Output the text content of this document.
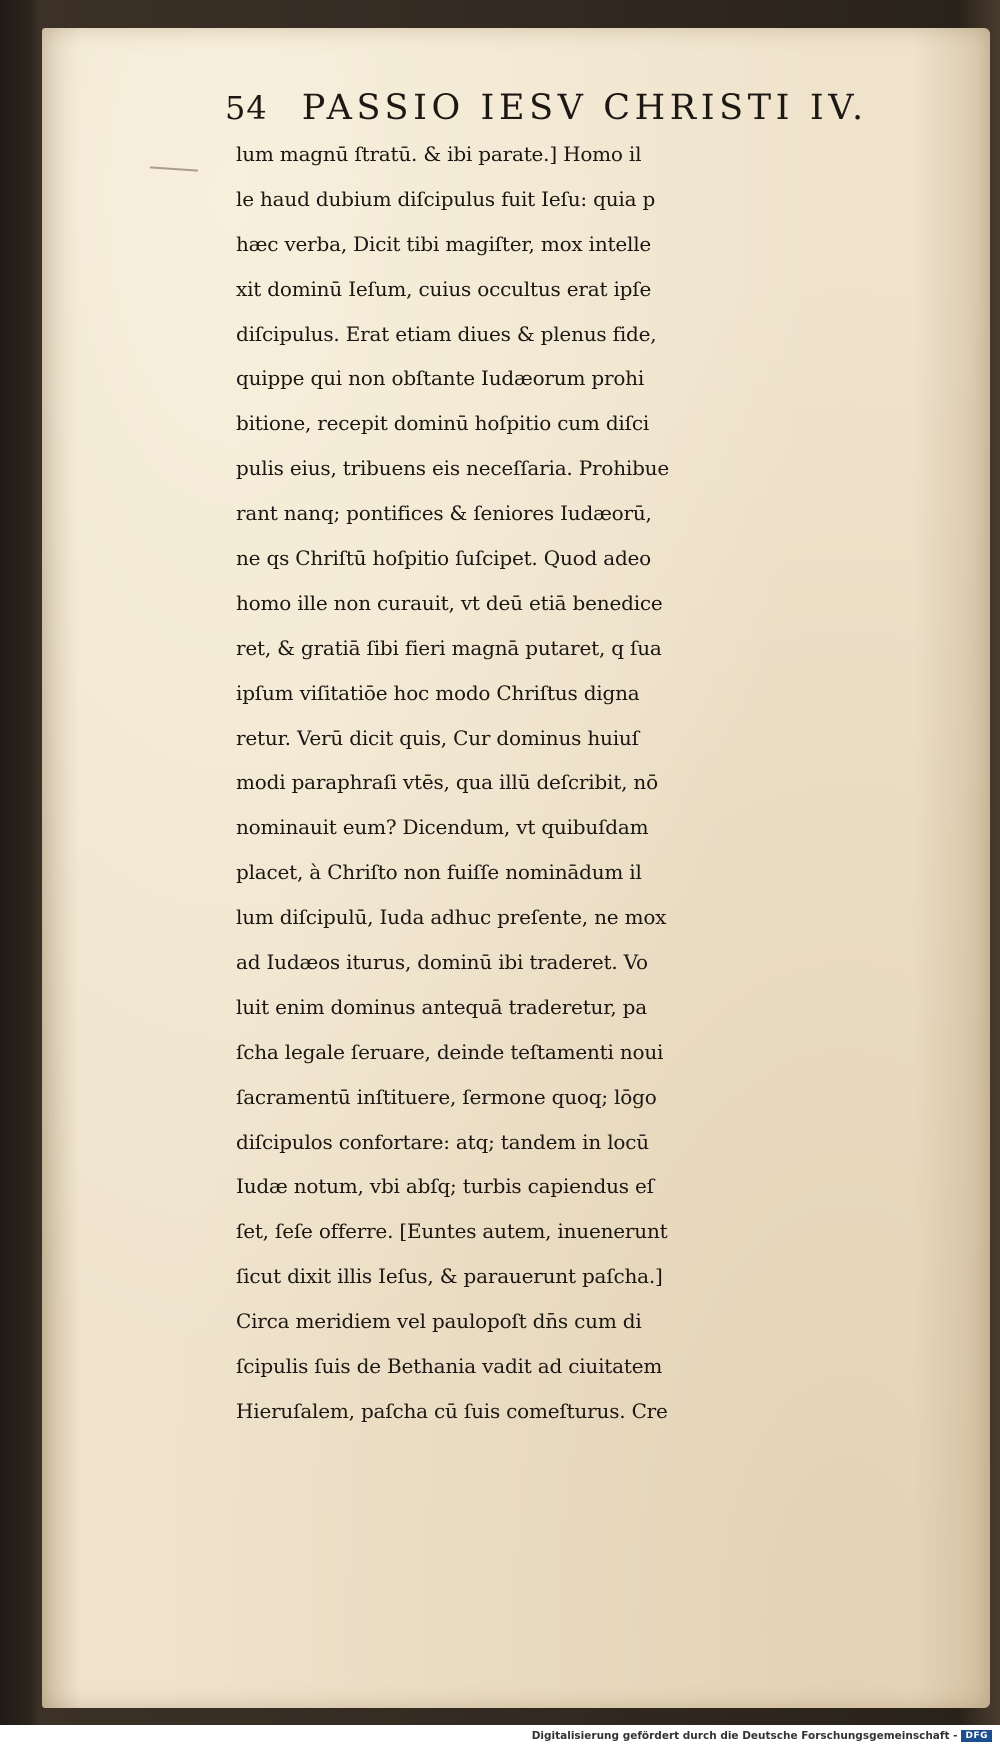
54 PASSIO IESV CHRISTI IV.
lum magnū ſtratū. & ibi parate.] Homo il
le haud dubium diſcipulus fuit Ieſu: quia p
hæc verba, Dicit tibi magiſter, mox intelle
xit dominū Ieſum, cuius occultus erat ipſe
diſcipulus. Erat etiam diues & plenus fide,
quippe qui non obſtante Iudæorum prohi
bitione, recepit dominū hoſpitio cum diſci
pulis eius, tribuens eis neceſſaria. Prohibue
rant nanq; pontifices & ſeniores Iudæorū,
ne qs Chriſtū hoſpitio ſuſcipet. Quod adeo
homo ille non curauit, vt deū etiā benedice
ret, & gratiā ſibi fieri magnā putaret, q ſua
ipſum viſitatiōe hoc modo Chriſtus digna
retur. Verū dicit quis, Cur dominus huiuſ
modi paraphraſi vtēs, qua illū deſcribit, nō
nominauit eum? Dicendum, vt quibuſdam
placet, à Chriſto non fuiſſe nominādum il
lum diſcipulū, Iuda adhuc preſente, ne mox
ad Iudæos iturus, dominū ibi traderet. Vo
luit enim dominus antequā traderetur, pa
ſcha legale ſeruare, deinde teſtamenti noui
ſacramentū inſtituere, ſermone quoq; lōgo
diſcipulos confortare: atq; tandem in locū
Iudæ notum, vbi abſq; turbis capiendus eſ
ſet, ſeſe offerre. [Euntes autem, inuenerunt
ſicut dixit illis Ieſus, & parauerunt paſcha.]
Circa meridiem vel paulopoſt dn̄s cum di
ſcipulis ſuis de Bethania vadit ad ciuitatem
Hieruſalem, paſcha cū ſuis comeſturus. Cre
Digitalisierung gefördert durch die Deutsche Forschungsgemeinschaft - DFG
